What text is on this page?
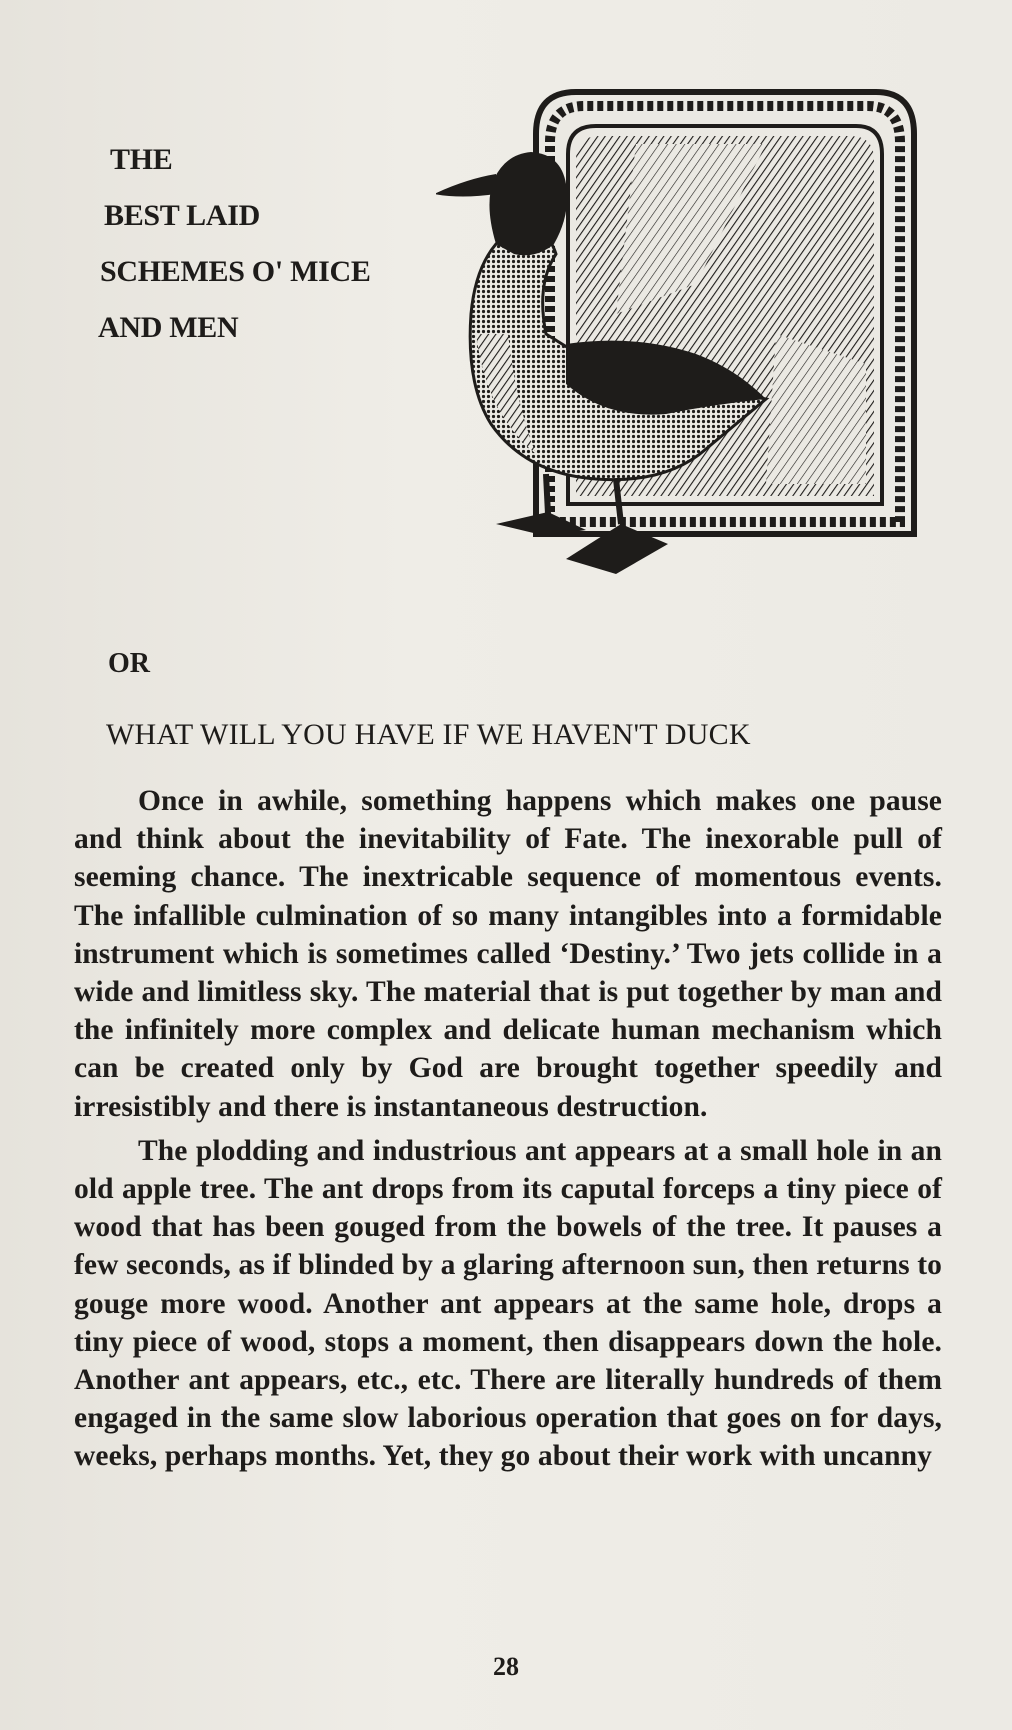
THE
BEST LAID
SCHEMES O' MICE
AND MEN
OR
WHAT WILL YOU HAVE IF WE HAVEN'T DUCK

Once in awhile, something happens which makes one pause and think about the inevitability of Fate. The inexorable pull of seeming chance. The inextricable sequence of momentous events. The infallible culmination of so many intangibles into a formidable instrument which is sometimes called ‘Destiny.’ Two jets collide in a wide and limitless sky. The material that is put together by man and the infinitely more complex and delicate human mechanism which can be created only by God are brought together speedily and irresistibly and there is instantaneous destruction.

The plodding and industrious ant appears at a small hole in an old apple tree. The ant drops from its caputal forceps a tiny piece of wood that has been gouged from the bowels of the tree. It pauses a few seconds, as if blinded by a glaring afternoon sun, then returns to gouge more wood. Another ant appears at the same hole, drops a tiny piece of wood, stops a moment, then disappears down the hole. Another ant appears, etc., etc. There are literally hundreds of them engaged in the same slow laborious operation that goes on for days, weeks, perhaps months. Yet, they go about their work with uncanny

28
